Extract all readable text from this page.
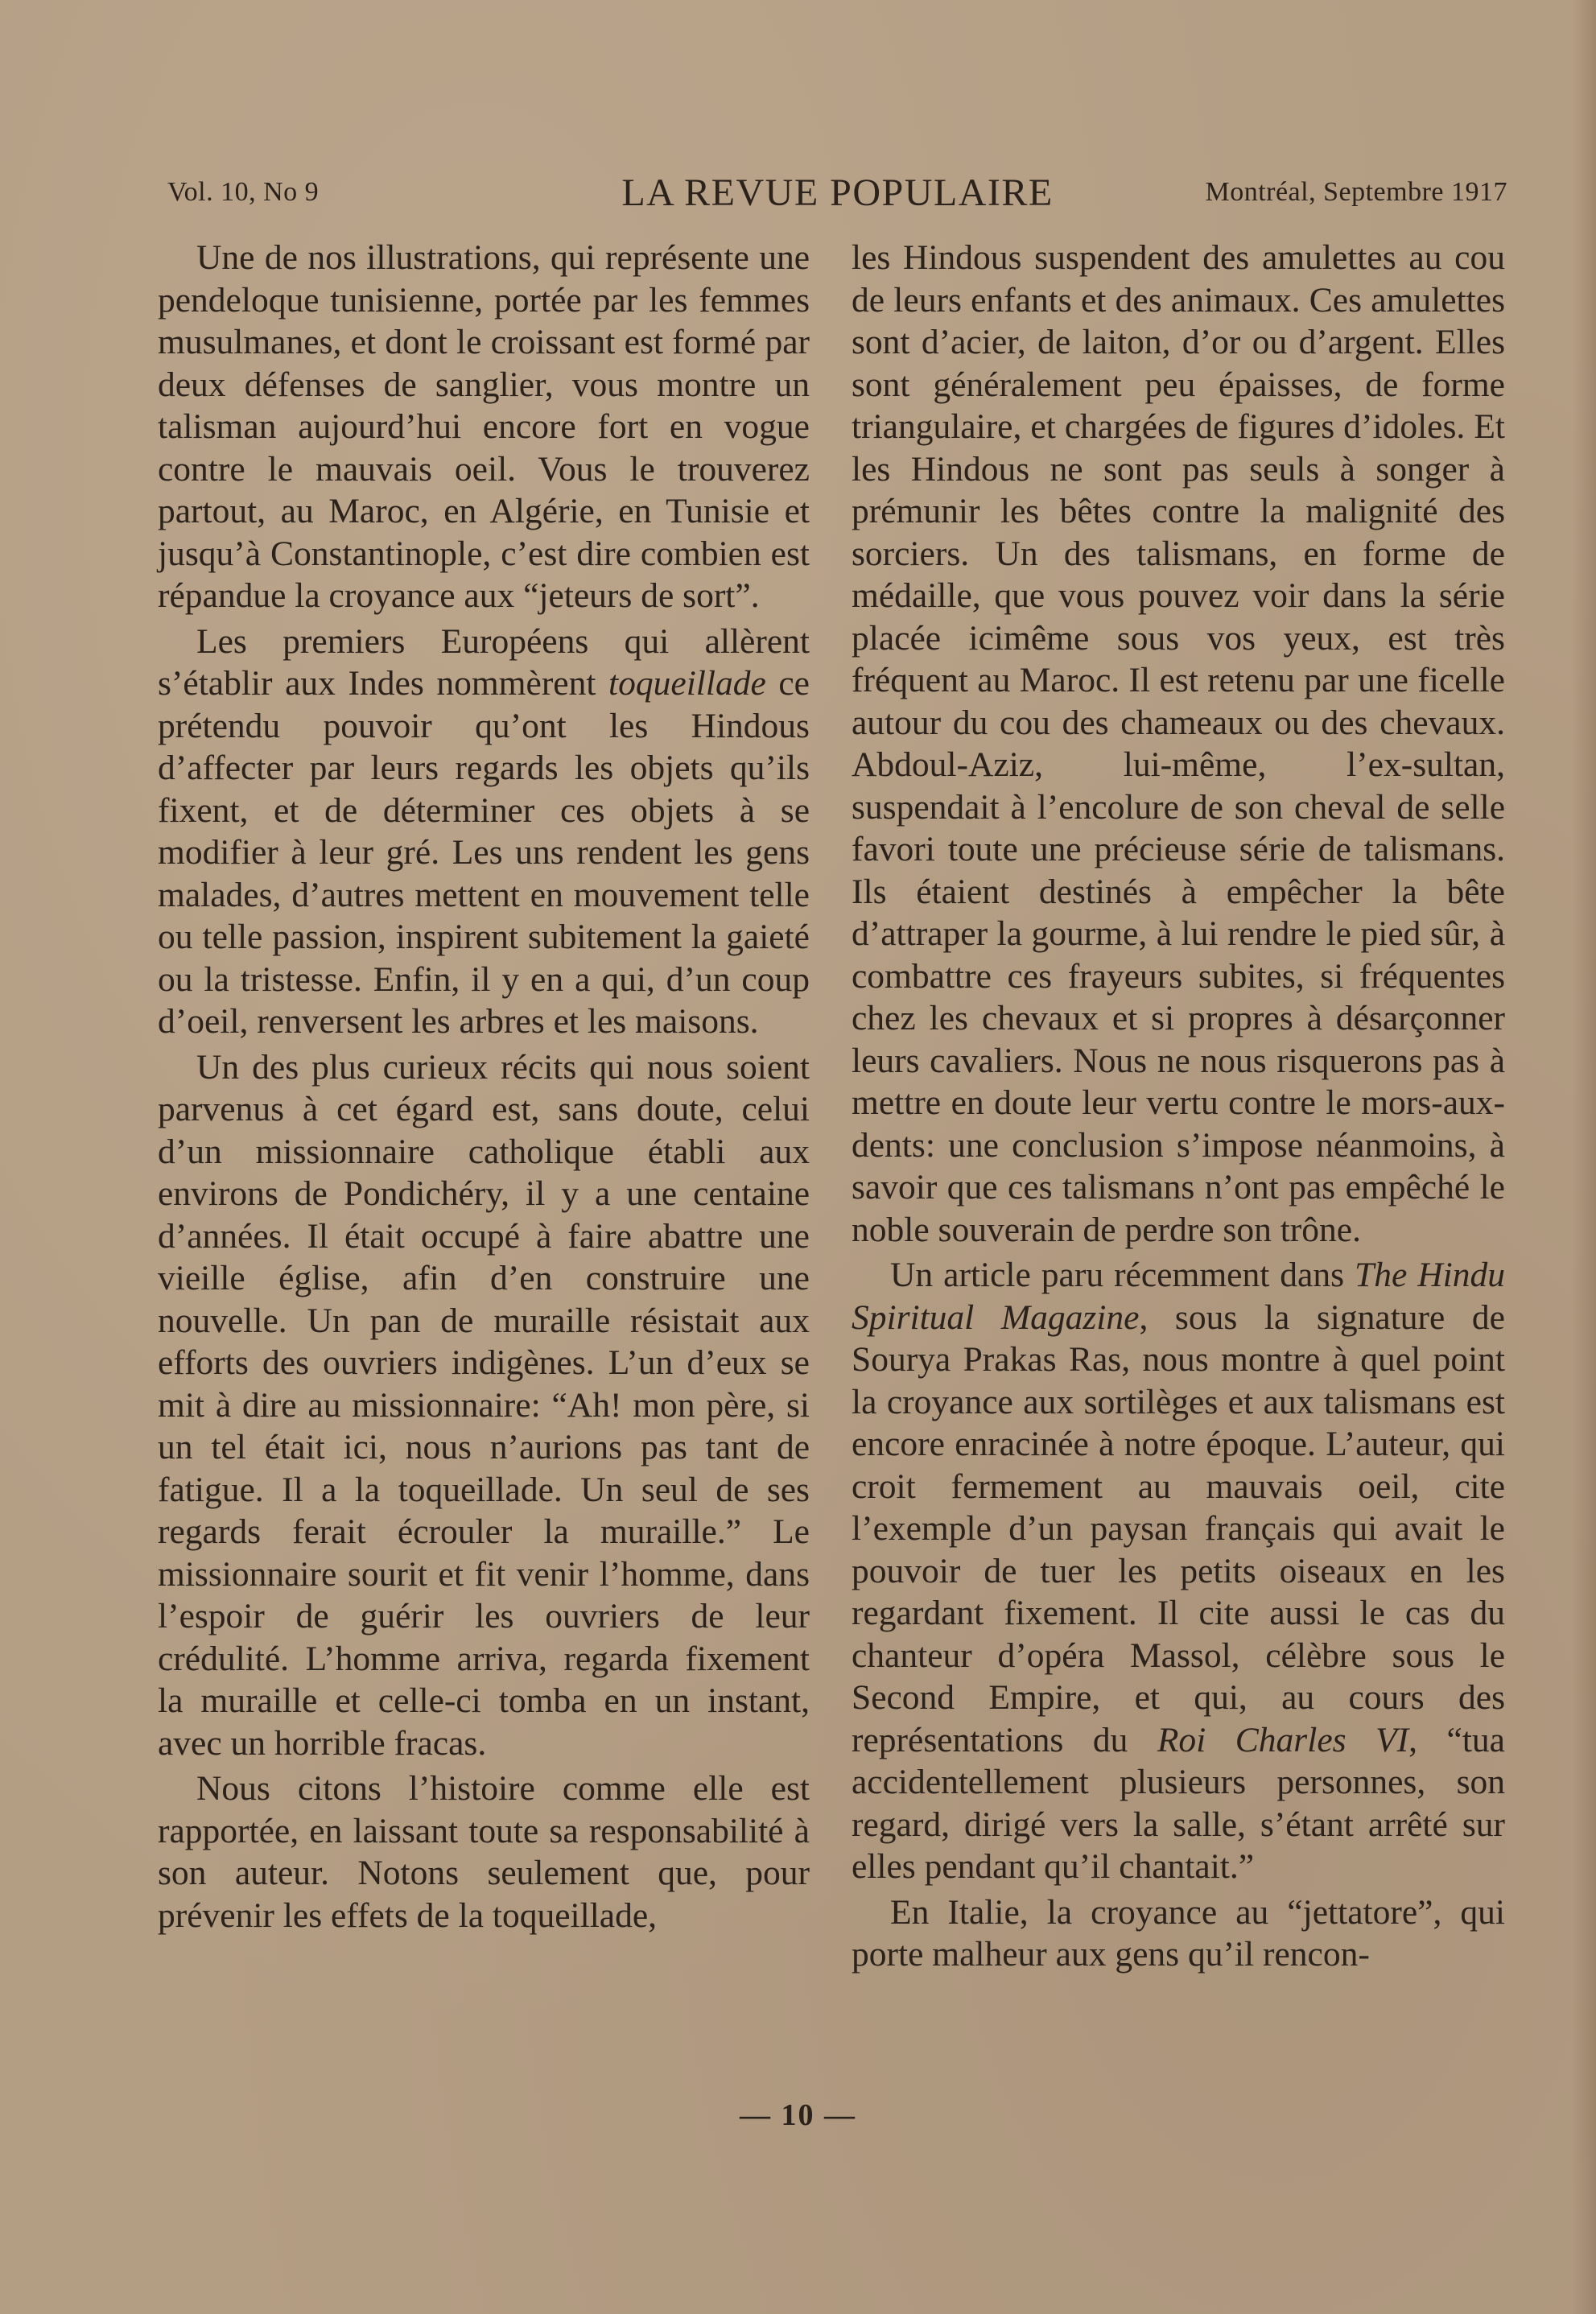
Vol. 10, No 9	LA REVUE POPULAIRE	Montréal, Septembre 1917

Une de nos illustrations, qui représente une pendeloque tunisienne, portée par les femmes musulmanes, et dont le croissant est formé par deux défenses de sanglier, vous montre un talisman aujourd’hui encore fort en vogue contre le mauvais oeil. Vous le trouverez partout, au Maroc, en Algérie, en Tunisie et jusqu’à Constantinople, c’est dire combien est répandue la croyance aux “jeteurs de sort”.

Les premiers Européens qui allèrent s’établir aux Indes nommèrent toqueillade ce prétendu pouvoir qu’ont les Hindous d’affecter par leurs regards les objets qu’ils fixent, et de déterminer ces objets à se modifier à leur gré. Les uns rendent les gens malades, d’autres mettent en mouvement telle ou telle passion, inspirent subitement la gaieté ou la tristesse. Enfin, il y en a qui, d’un coup d’oeil, renversent les arbres et les maisons.

Un des plus curieux récits qui nous soient parvenus à cet égard est, sans doute, celui d’un missionnaire catholique établi aux environs de Pondichéry, il y a une centaine d’années. Il était occupé à faire abattre une vieille église, afin d’en construire une nouvelle. Un pan de muraille résistait aux efforts des ouvriers indigènes. L’un d’eux se mit à dire au missionnaire: “Ah! mon père, si un tel était ici, nous n’aurions pas tant de fatigue. Il a la toqueillade. Un seul de ses regards ferait écrouler la muraille.” Le missionnaire sourit et fit venir l’homme, dans l’espoir de guérir les ouvriers de leur crédulité. L’homme arriva, regarda fixement la muraille et celle-ci tomba en un instant, avec un horrible fracas.

Nous citons l’histoire comme elle est rapportée, en laissant toute sa responsabilité à son auteur. Notons seulement que, pour prévenir les effets de la toqueillade,

les Hindous suspendent des amulettes au cou de leurs enfants et des animaux. Ces amulettes sont d’acier, de laiton, d’or ou d’argent. Elles sont généralement peu épaisses, de forme triangulaire, et chargées de figures d’idoles. Et les Hindous ne sont pas seuls à songer à prémunir les bêtes contre la malignité des sorciers. Un des talismans, en forme de médaille, que vous pouvez voir dans la série placée icimême sous vos yeux, est très fréquent au Maroc. Il est retenu par une ficelle autour du cou des chameaux ou des chevaux. Abdoul-Aziz, lui-même, l’ex-sultan, suspendait à l’encolure de son cheval de selle favori toute une précieuse série de talismans. Ils étaient destinés à empêcher la bête d’attraper la gourme, à lui rendre le pied sûr, à combattre ces frayeurs subites, si fréquentes chez les chevaux et si propres à désarçonner leurs cavaliers. Nous ne nous risquerons pas à mettre en doute leur vertu contre le mors-aux-dents: une conclusion s’impose néanmoins, à savoir que ces talismans n’ont pas empêché le noble souverain de perdre son trône.

Un article paru récemment dans The Hindu Spiritual Magazine, sous la signature de Sourya Prakas Ras, nous montre à quel point la croyance aux sortilèges et aux talismans est encore enracinée à notre époque. L’auteur, qui croit fermement au mauvais oeil, cite l’exemple d’un paysan français qui avait le pouvoir de tuer les petits oiseaux en les regardant fixement. Il cite aussi le cas du chanteur d’opéra Massol, célèbre sous le Second Empire, et qui, au cours des représentations du Roi Charles VI, “tua accidentellement plusieurs personnes, son regard, dirigé vers la salle, s’étant arrêté sur elles pendant qu’il chantait.”

En Italie, la croyance au “jettatore”, qui porte malheur aux gens qu’il rencon-

— 10 —
